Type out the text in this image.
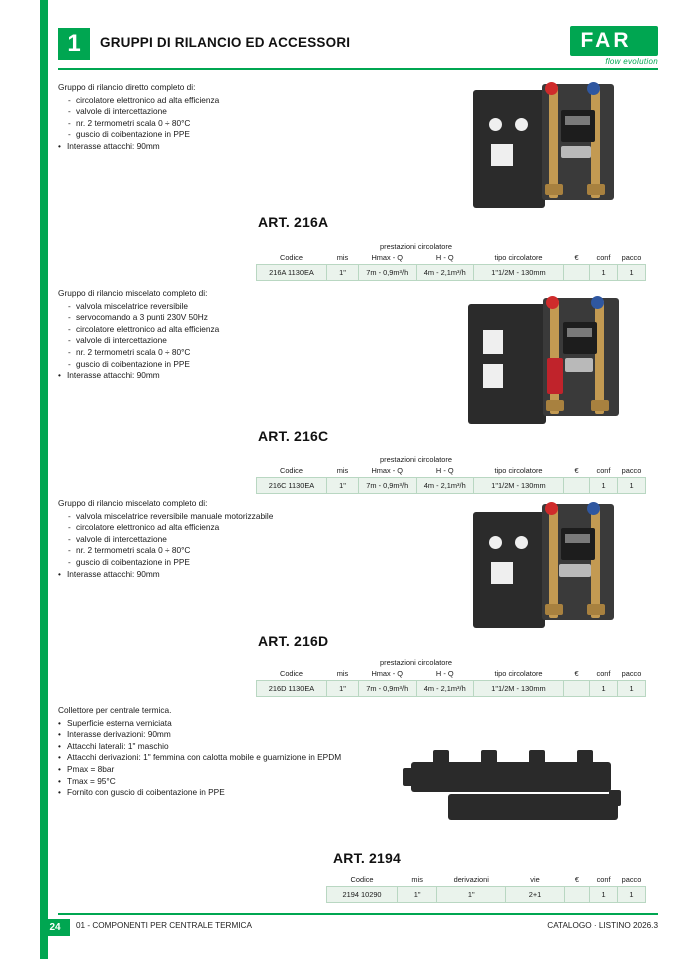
1	GRUPPI DI RILANCIO ED ACCESSORI	FAR
flow evolution

Gruppo di rilancio diretto completo di:

- circolatore elettronico ad alta efficienza
- valvole di intercettazione
- nr. 2 termometri scala 0 ÷ 80°C
- guscio di coibentazione in PPE
• Interasse attacchi: 90mm
ART. 216A
		prestazioni circolatore					
Codice	mis	Hmax - Q	H - Q	tipo circolatore	€	conf	pacco
216A 1130EA	1"	7m - 0,9m³/h	4m - 2,1m³/h	1"1/2M - 130mm		1	1

Gruppo di rilancio miscelato completo di:

- valvola miscelatrice reversibile
- servocomando a 3 punti 230V 50Hz
- circolatore elettronico ad alta efficienza
- valvole di intercettazione
- nr. 2 termometri scala 0 ÷ 80°C
- guscio di coibentazione in PPE
• Interasse attacchi: 90mm
ART. 216C
		prestazioni circolatore					
Codice	mis	Hmax - Q	H - Q	tipo circolatore	€	conf	pacco
216C 1130EA	1"	7m - 0,9m³/h	4m - 2,1m³/h	1"1/2M - 130mm		1	1

Gruppo di rilancio miscelato completo di:

- valvola miscelatrice reversibile manuale motorizzabile
- circolatore elettronico ad alta efficienza
- valvole di intercettazione
- nr. 2 termometri scala 0 ÷ 80°C
- guscio di coibentazione in PPE
• Interasse attacchi: 90mm
ART. 216D
		prestazioni circolatore					
Codice	mis	Hmax - Q	H - Q	tipo circolatore	€	conf	pacco
216D 1130EA	1"	7m - 0,9m³/h	4m - 2,1m³/h	1"1/2M - 130mm		1	1

Collettore per centrale termica.

• Superficie esterna verniciata
• Interasse derivazioni: 90mm
• Attacchi laterali: 1" maschio
• Attacchi derivazioni: 1" femmina con calotta mobile e guarnizione in EPDM
• Pmax = 8bar
• Tmax = 95°C
• Fornito con guscio di coibentazione in PPE
ART. 2194
Codice	mis	derivazioni	vie	€	conf	pacco
2194 10290	1"	1"	2+1		1	1
24	01 - COMPONENTI PER CENTRALE TERMICA	CATALOGO · LISTINO 2026.3
